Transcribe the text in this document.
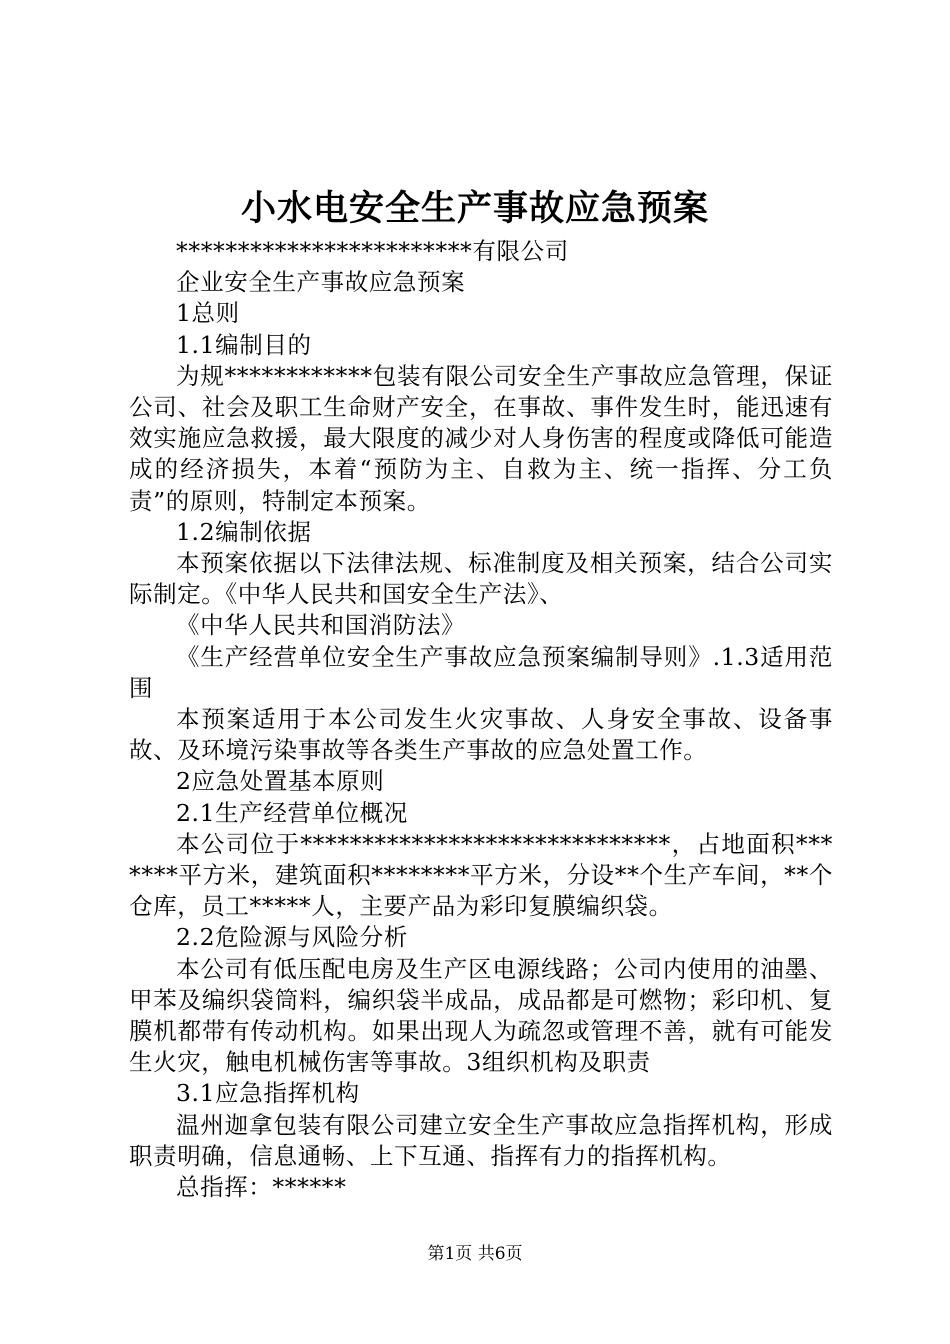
小水电安全生产事故应急预案

************************有限公司

企业安全生产事故应急预案

1总则

1.1编制目的

为规************包装有限公司安全生产事故应急管理，保证公司、社会及职工生命财产安全，在事故、事件发生时，能迅速有效实施应急救援，最大限度的减少对人身伤害的程度或降低可能造成的经济损失，本着“预防为主、自救为主、统一指挥、分工负责”的原则，特制定本预案。

1.2编制依据

本预案依据以下法律法规、标准制度及相关预案，结合公司实际制定。《中华人民共和国安全生产法》、

《中华人民共和国消防法》

《生产经营单位安全生产事故应急预案编制导则》.1.3适用范围

本预案适用于本公司发生火灾事故、人身安全事故、设备事故、及环境污染事故等各类生产事故的应急处置工作。

2应急处置基本原则

2.1生产经营单位概况

本公司位于******************************，占地面积*******平方米，建筑面积********平方米，分设**个生产车间，**个仓库，员工*****人，主要产品为彩印复膜编织袋。

2.2危险源与风险分析

本公司有低压配电房及生产区电源线路；公司内使用的油墨、甲苯及编织袋筒料，编织袋半成品，成品都是可燃物；彩印机、复膜机都带有传动机构。如果出现人为疏忽或管理不善，就有可能发生火灾，触电机械伤害等事故。3组织机构及职责

3.1应急指挥机构

温州迦拿包装有限公司建立安全生产事故应急指挥机构，形成职责明确，信息通畅、上下互通、指挥有力的指挥机构。

总指挥：******

第1页 共6页
